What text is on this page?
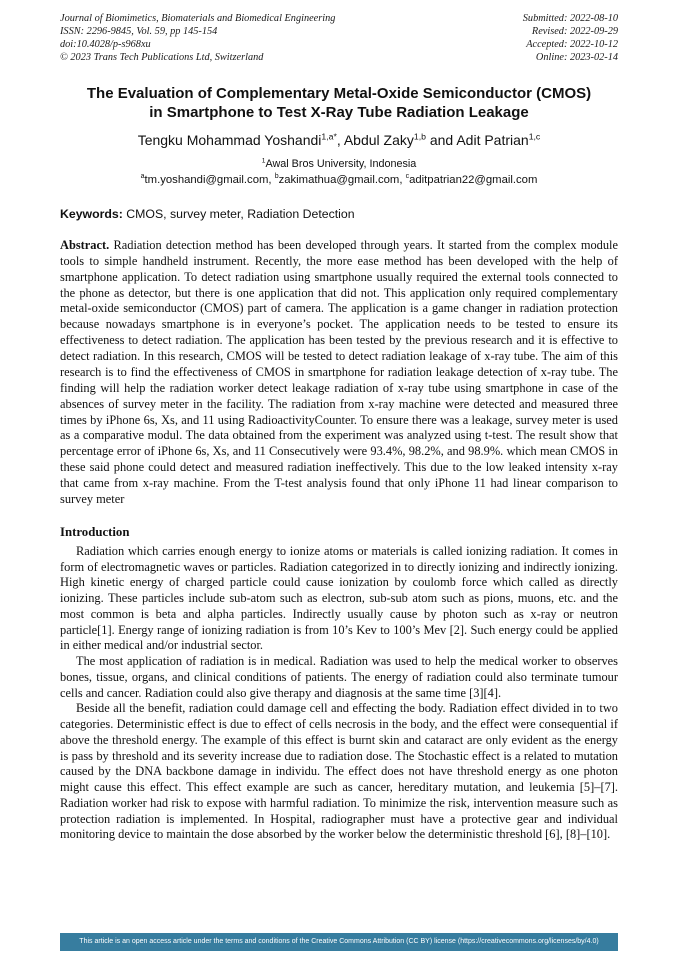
Journal of Biomimetics, Biomaterials and Biomedical Engineering
ISSN: 2296-9845, Vol. 59, pp 145-154
doi:10.4028/p-s968xu
© 2023 Trans Tech Publications Ltd, Switzerland
Submitted: 2022-08-10
Revised: 2022-09-29
Accepted: 2022-10-12
Online: 2023-02-14
The Evaluation of Complementary Metal-Oxide Semiconductor (CMOS) in Smartphone to Test X-Ray Tube Radiation Leakage
Tengku Mohammad Yoshandi$^{1,a*}$, Abdul Zaky$^{1,b}$ and Adit Patrian$^{1,c}$
$^1$Awal Bros University, Indonesia
$^a$tm.yoshandi@gmail.com, $^b$zakimathua@gmail.com, $^c$aditpatrian22@gmail.com
Keywords: CMOS, survey meter, Radiation Detection

Abstract. Radiation detection method has been developed through years. It started from the complex module tools to simple handheld instrument. Recently, the more ease method has been developed with the help of smartphone application. To detect radiation using smartphone usually required the external tools connected to the phone as detector, but there is one application that did not. This application only required complementary metal-oxide semiconductor (CMOS) part of camera. The application is a game changer in radiation protection because nowadays smartphone is in everyone’s pocket. The application needs to be tested to ensure its effectiveness to detect radiation. The application has been tested by the previous research and it is effective to detect radiation. In this research, CMOS will be tested to detect radiation leakage of x-ray tube. The aim of this research is to find the effectiveness of CMOS in smartphone for radiation leakage detection of x-ray tube. The finding will help the radiation worker detect leakage radiation of x-ray tube using smartphone in case of the absences of survey meter in the facility. The radiation from x-ray machine were detected and measured three times by iPhone 6s, Xs, and 11 using RadioactivityCounter. To ensure there was a leakage, survey meter is used as a comparative modul. The data obtained from the experiment was analyzed using t-test. The result show that percentage error of iPhone 6s, Xs, and 11 Consecutively were 93.4%, 98.2%, and 98.9%. which mean CMOS in these said phone could detect and measured radiation ineffectively. This due to the low leaked intensity x-ray that came from x-ray machine. From the T-test analysis found that only iPhone 11 had linear comparison to survey meter

Introduction

Radiation which carries enough energy to ionize atoms or materials is called ionizing radiation. It comes in form of electromagnetic waves or particles. Radiation categorized in to directly ionizing and indirectly ionizing. High kinetic energy of charged particle could cause ionization by coulomb force which called as directly ionizing. These particles include sub-atom such as electron, sub-sub atom such as pions, muons, etc. and the most common is beta and alpha particles. Indirectly usually cause by photon such as x-ray or neutron particle[1]. Energy range of ionizing radiation is from 10’s Kev to 100’s Mev [2]. Such energy could be applied in either medical and/or industrial sector.

The most application of radiation is in medical. Radiation was used to help the medical worker to observes bones, tissue, organs, and clinical conditions of patients. The energy of radiation could also terminate tumour cells and cancer. Radiation could also give therapy and diagnosis at the same time [3][4].

Beside all the benefit, radiation could damage cell and effecting the body. Radiation effect divided in to two categories. Deterministic effect is due to effect of cells necrosis in the body, and the effect were consequential if above the threshold energy. The example of this effect is burnt skin and cataract are only evident as the energy is pass by threshold and its severity increase due to radiation dose. The Stochastic effect is a related to mutation caused by the DNA backbone damage in individu. The effect does not have threshold energy as one photon might cause this effect. This effect example are such as cancer, hereditary mutation, and leukemia [5]–[7]. Radiation worker had risk to expose with harmful radiation. To minimize the risk, intervention measure such as protection radiation is implemented. In Hospital, radiographer must have a protective gear and individual monitoring device to maintain the dose absorbed by the worker below the deterministic threshold [6], [8]–[10].

This article is an open access article under the terms and conditions of the Creative Commons Attribution (CC BY) license (https://creativecommons.org/licenses/by/4.0)
